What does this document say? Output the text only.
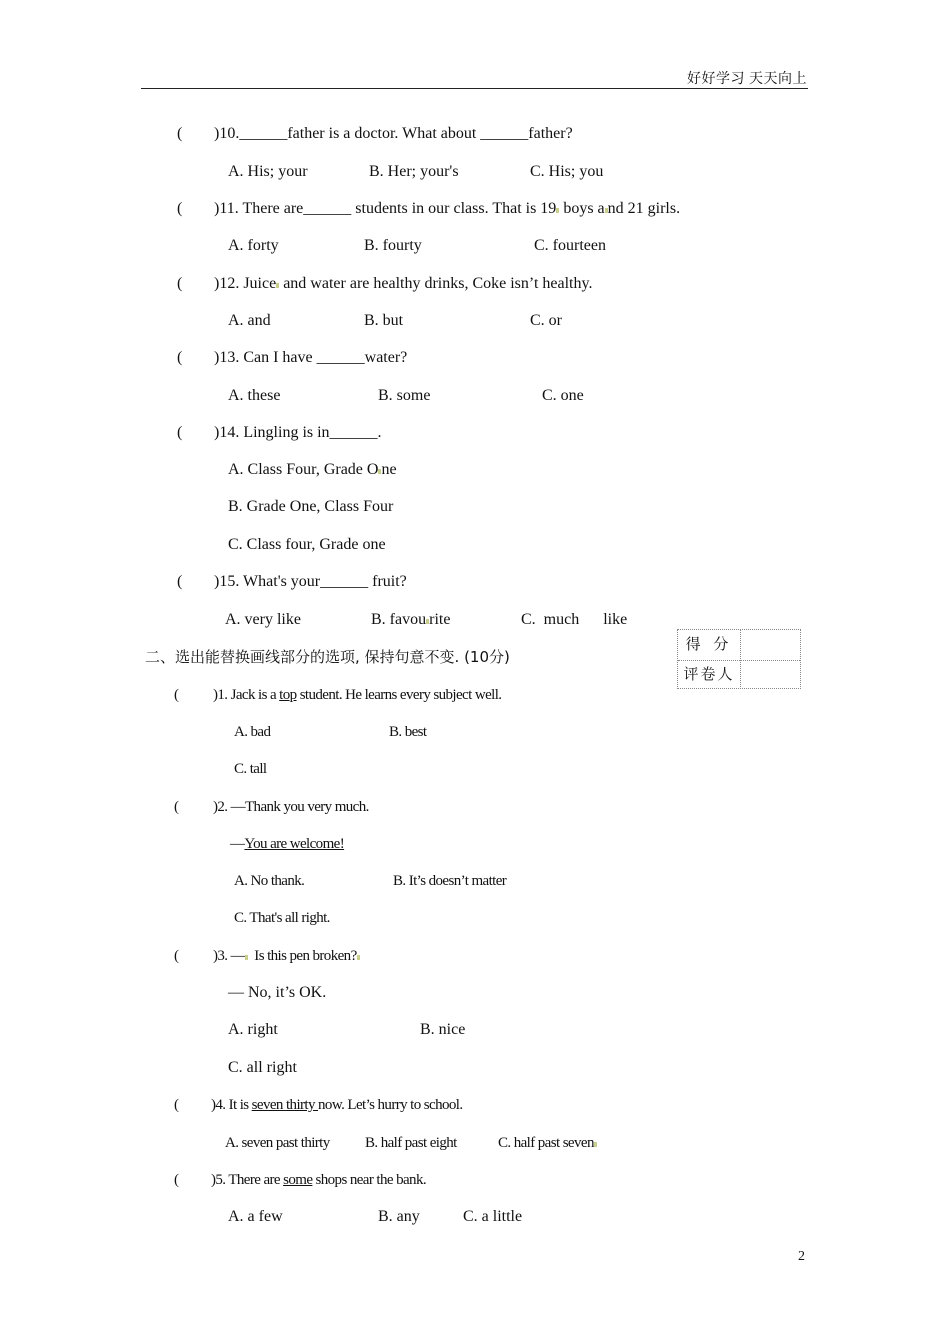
好好学习 天天向上
( )10.______father is a doctor. What about ______father?
A. His; your	B. Her; your's	C. His; you
( )11. There are______ students in our class. That is 19 boys a nd 21 girls.
A. forty	B. fourty	C. fourteen
( )12. Juice and water are healthy drinks, Coke isn’t healthy.
A. and	B. but	C. or
( )13. Can I have ______water?
A. these	B. some	C. one
( )14. Lingling is in______.
A. Class Four, Grade O ne
B. Grade One, Class Four
C. Class four, Grade one
( )15. What's your______ fruit?
A. very like	B. favou rite	C.  much      like
二、选出能替换画线部分的选项, 保持句意不变. (10分)
得 分
评卷人
( )1. Jack is a top student. He learns every subject well.
A. bad	B. best
C. tall
( )2. —Thank you very much.
—You are welcome!
A. No thank.	B. It’s doesn’t matter
C. That's all right.
( )3. —  Is this pen broken?
— No, it’s OK.
A. right	B. nice
C. all right
( )4. It is seven thirty now. Let’s hurry to school.
A. seven past thirty B. half past eight	C. half past seven
( )5. There are some shops near the bank.
A. a few	B. any	C. a little
2
